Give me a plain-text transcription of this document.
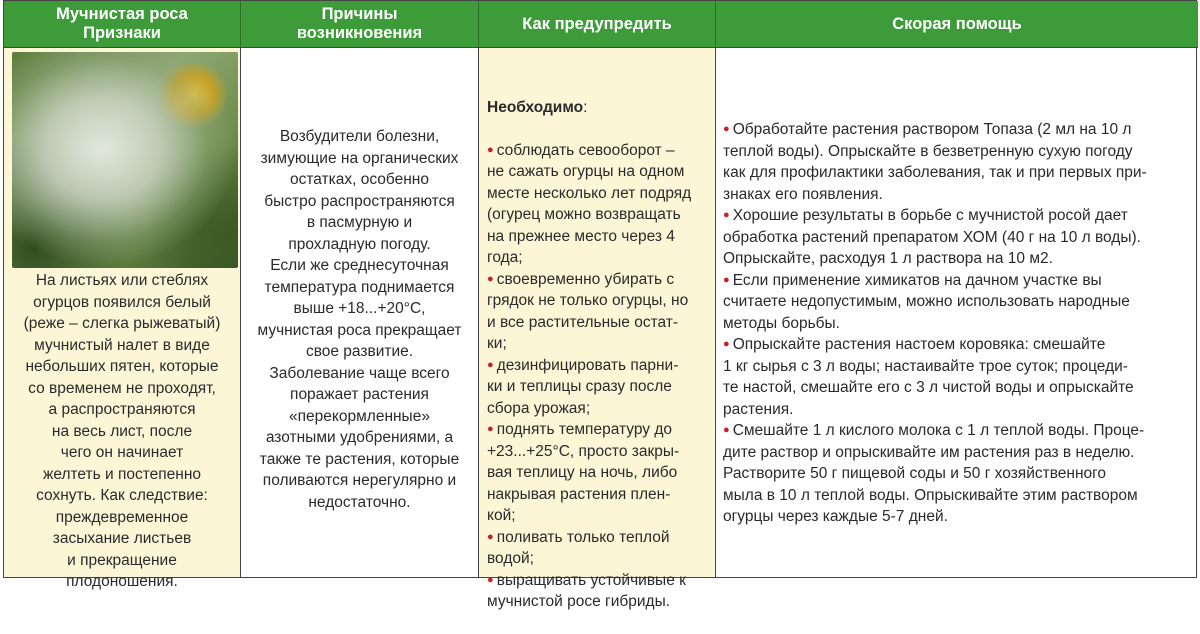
Мучнистая роса
Признаки
Причины
возникновения
Как предупредить	Скорая помощь
На листьях или стеблях
огурцов появился белый
(реже – слегка рыжеватый)
мучнистый налет в виде
небольших пятен, которые
со временем не проходят,
а распространяются
на весь лист, после
чего он начинает
желтеть и постепенно
сохнуть. Как следствие:
преждевременное
засыхание листьев
и прекращение
плодоношения.
Возбудители болезни,
зимующие на органических
остатках, особенно
быстро распространяются
в пасмурную и
прохладную погоду.
Если же среднесуточная
температура поднимается
выше +18...+20°С,
мучнистая роса прекращает
свое развитие.
Заболевание чаще всего
поражает растения
«перекормленные»
азотными удобрениями, а
также те растения, которые
поливаются нерегулярно и
недостаточно.

Необходимо:

● соблюдать севооборот –
не сажать огурцы на одном
месте несколько лет подряд
(огурец можно возвращать
на прежнее место через 4
года;
● своевременно убирать с
грядок не только огурцы, но
и все растительные остат-
ки;
● дезинфицировать парни-
ки и теплицы сразу после
сбора урожая;
● поднять температуру до
+23...+25°С, просто закры-
вая теплицу на ночь, либо
накрывая растения плен-
кой;
● поливать только теплой
водой;
● выращивать устойчивые к
мучнистой росе гибриды.

● Обработайте растения раствором Топаза (2 мл на 10 л
теплой воды). Опрыскайте в безветренную сухую погоду
как для профилактики заболевания, так и при первых при-
знаках его появления.
● Хорошие результаты в борьбе с мучнистой росой дает
обработка растений препаратом ХОМ (40 г на 10 л воды).
Опрыскайте, расходуя 1 л раствора на 10 м2.
● Если применение химикатов на дачном участке вы
считаете недопустимым, можно использовать народные
методы борьбы.
● Опрыскайте растения настоем коровяка: смешайте
1 кг сырья с 3 л воды; настаивайте трое суток; процеди-
те настой, смешайте его с 3 л чистой воды и опрыскайте
растения.
● Смешайте 1 л кислого молока с 1 л теплой воды. Проце-
дите раствор и опрыскивайте им растения раз в неделю.
Растворите 50 г пищевой соды и 50 г хозяйственного
мыла в 10 л теплой воды. Опрыскивайте этим раствором
огурцы через каждые 5-7 дней.
